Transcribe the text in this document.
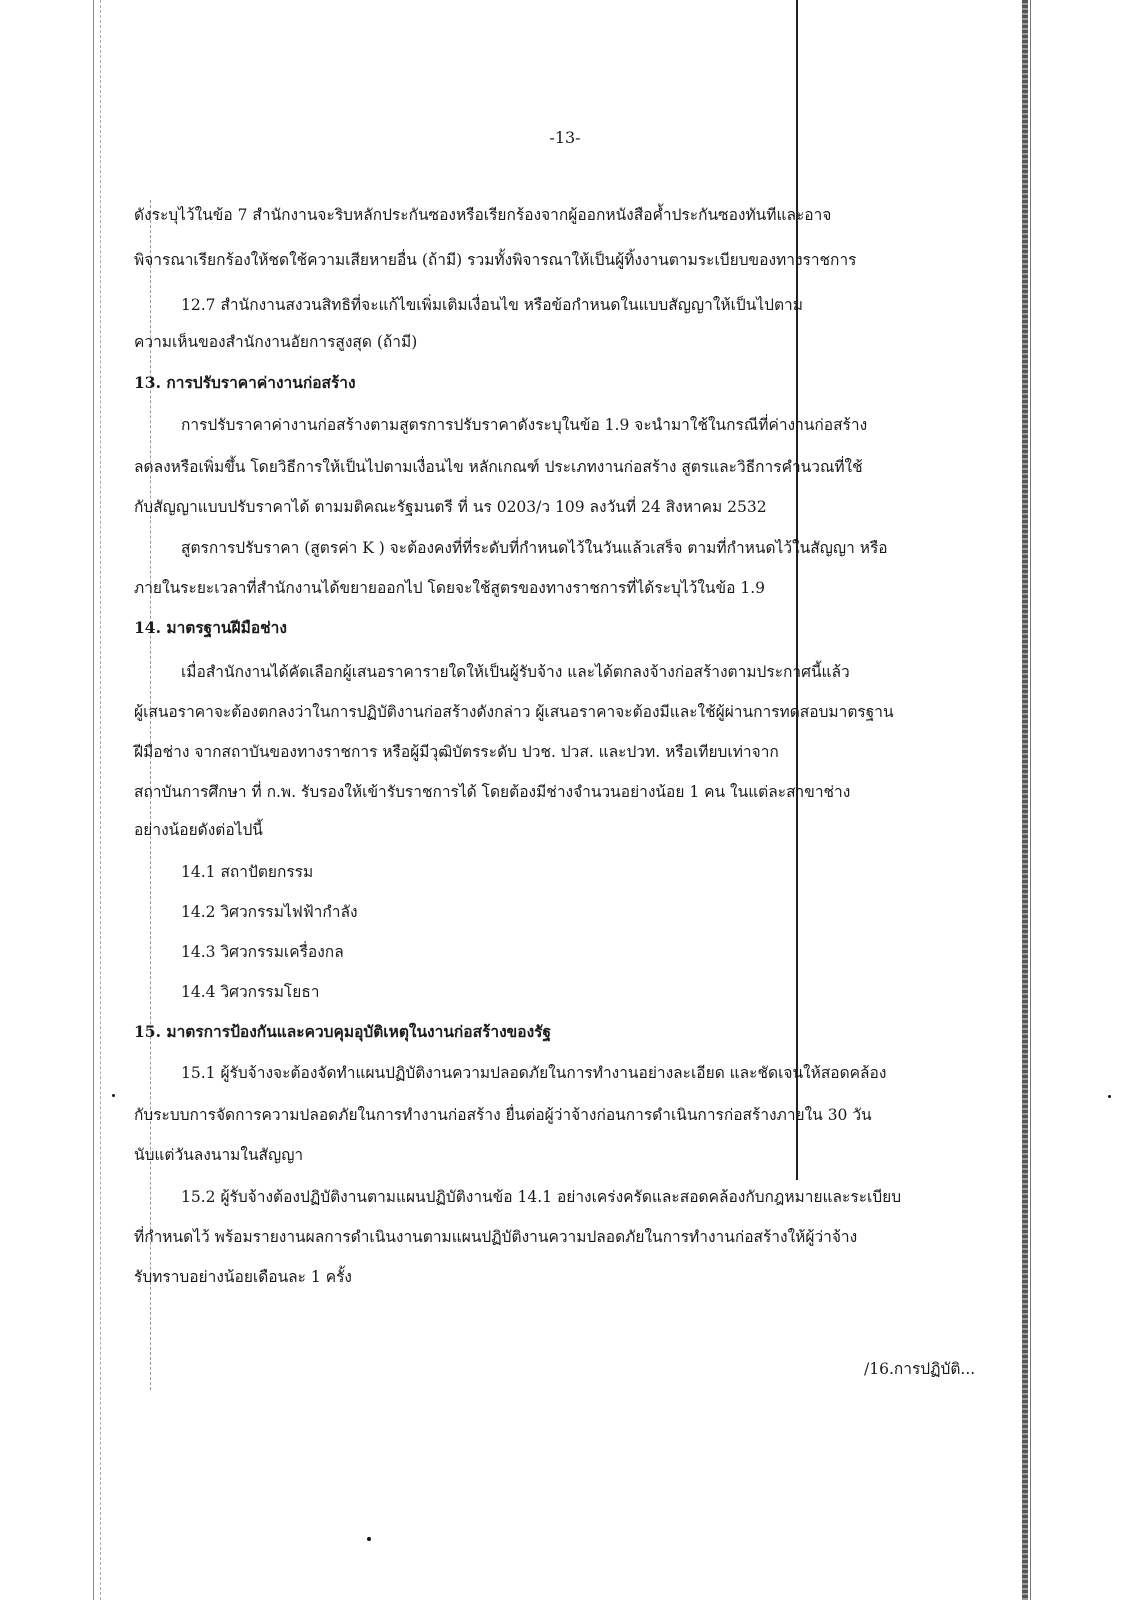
-13-
ดังระบุไว้ในข้อ 7 สำนักงานจะริบหลักประกันซองหรือเรียกร้องจากผู้ออกหนังสือค้ำประกันซองทันทีและอาจ
พิจารณาเรียกร้องให้ชดใช้ความเสียหายอื่น (ถ้ามี) รวมทั้งพิจารณาให้เป็นผู้ทิ้งงานตามระเบียบของทางราชการ
12.7 สำนักงานสงวนสิทธิที่จะแก้ไขเพิ่มเติมเงื่อนไข หรือข้อกำหนดในแบบสัญญาให้เป็นไปตาม
ความเห็นของสำนักงานอัยการสูงสุด (ถ้ามี)
13. การปรับราคาค่างานก่อสร้าง
การปรับราคาค่างานก่อสร้างตามสูตรการปรับราคาดังระบุในข้อ 1.9 จะนำมาใช้ในกรณีที่ค่างานก่อสร้าง
ลดลงหรือเพิ่มขึ้น โดยวิธีการให้เป็นไปตามเงื่อนไข หลักเกณฑ์ ประเภทงานก่อสร้าง สูตรและวิธีการคำนวณที่ใช้
กับสัญญาแบบปรับราคาได้ ตามมติคณะรัฐมนตรี ที่ นร 0203/ว 109 ลงวันที่ 24 สิงหาคม 2532
สูตรการปรับราคา (สูตรค่า K ) จะต้องคงที่ที่ระดับที่กำหนดไว้ในวันแล้วเสร็จ ตามที่กำหนดไว้ในสัญญา หรือ
ภายในระยะเวลาที่สำนักงานได้ขยายออกไป โดยจะใช้สูตรของทางราชการที่ได้ระบุไว้ในข้อ 1.9
14. มาตรฐานฝีมือช่าง
เมื่อสำนักงานได้คัดเลือกผู้เสนอราคารายใดให้เป็นผู้รับจ้าง และได้ตกลงจ้างก่อสร้างตามประกาศนี้แล้ว
ผู้เสนอราคาจะต้องตกลงว่าในการปฏิบัติงานก่อสร้างดังกล่าว ผู้เสนอราคาจะต้องมีและใช้ผู้ผ่านการทดสอบมาตรฐาน
ฝีมือช่าง จากสถาบันของทางราชการ หรือผู้มีวุฒิบัตรระดับ ปวช. ปวส. และปวท. หรือเทียบเท่าจาก
สถาบันการศึกษา ที่ ก.พ. รับรองให้เข้ารับราชการได้ โดยต้องมีช่างจำนวนอย่างน้อย 1 คน ในแต่ละสาขาช่าง
อย่างน้อยดังต่อไปนี้
14.1 สถาปัตยกรรม
14.2 วิศวกรรมไฟฟ้ากำลัง
14.3 วิศวกรรมเครื่องกล
14.4 วิศวกรรมโยธา
15. มาตรการป้องกันและควบคุมอุบัติเหตุในงานก่อสร้างของรัฐ
15.1 ผู้รับจ้างจะต้องจัดทำแผนปฏิบัติงานความปลอดภัยในการทำงานอย่างละเอียด และชัดเจนให้สอดคล้อง
กับระบบการจัดการความปลอดภัยในการทำงานก่อสร้าง ยื่นต่อผู้ว่าจ้างก่อนการดำเนินการก่อสร้างภายใน 30 วัน
นับแต่วันลงนามในสัญญา
15.2 ผู้รับจ้างต้องปฏิบัติงานตามแผนปฏิบัติงานข้อ 14.1 อย่างเคร่งครัดและสอดคล้องกับกฎหมายและระเบียบ
ที่กำหนดไว้ พร้อมรายงานผลการดำเนินงานตามแผนปฏิบัติงานความปลอดภัยในการทำงานก่อสร้างให้ผู้ว่าจ้าง
รับทราบอย่างน้อยเดือนละ 1 ครั้ง
/16.การปฏิบัติ...
